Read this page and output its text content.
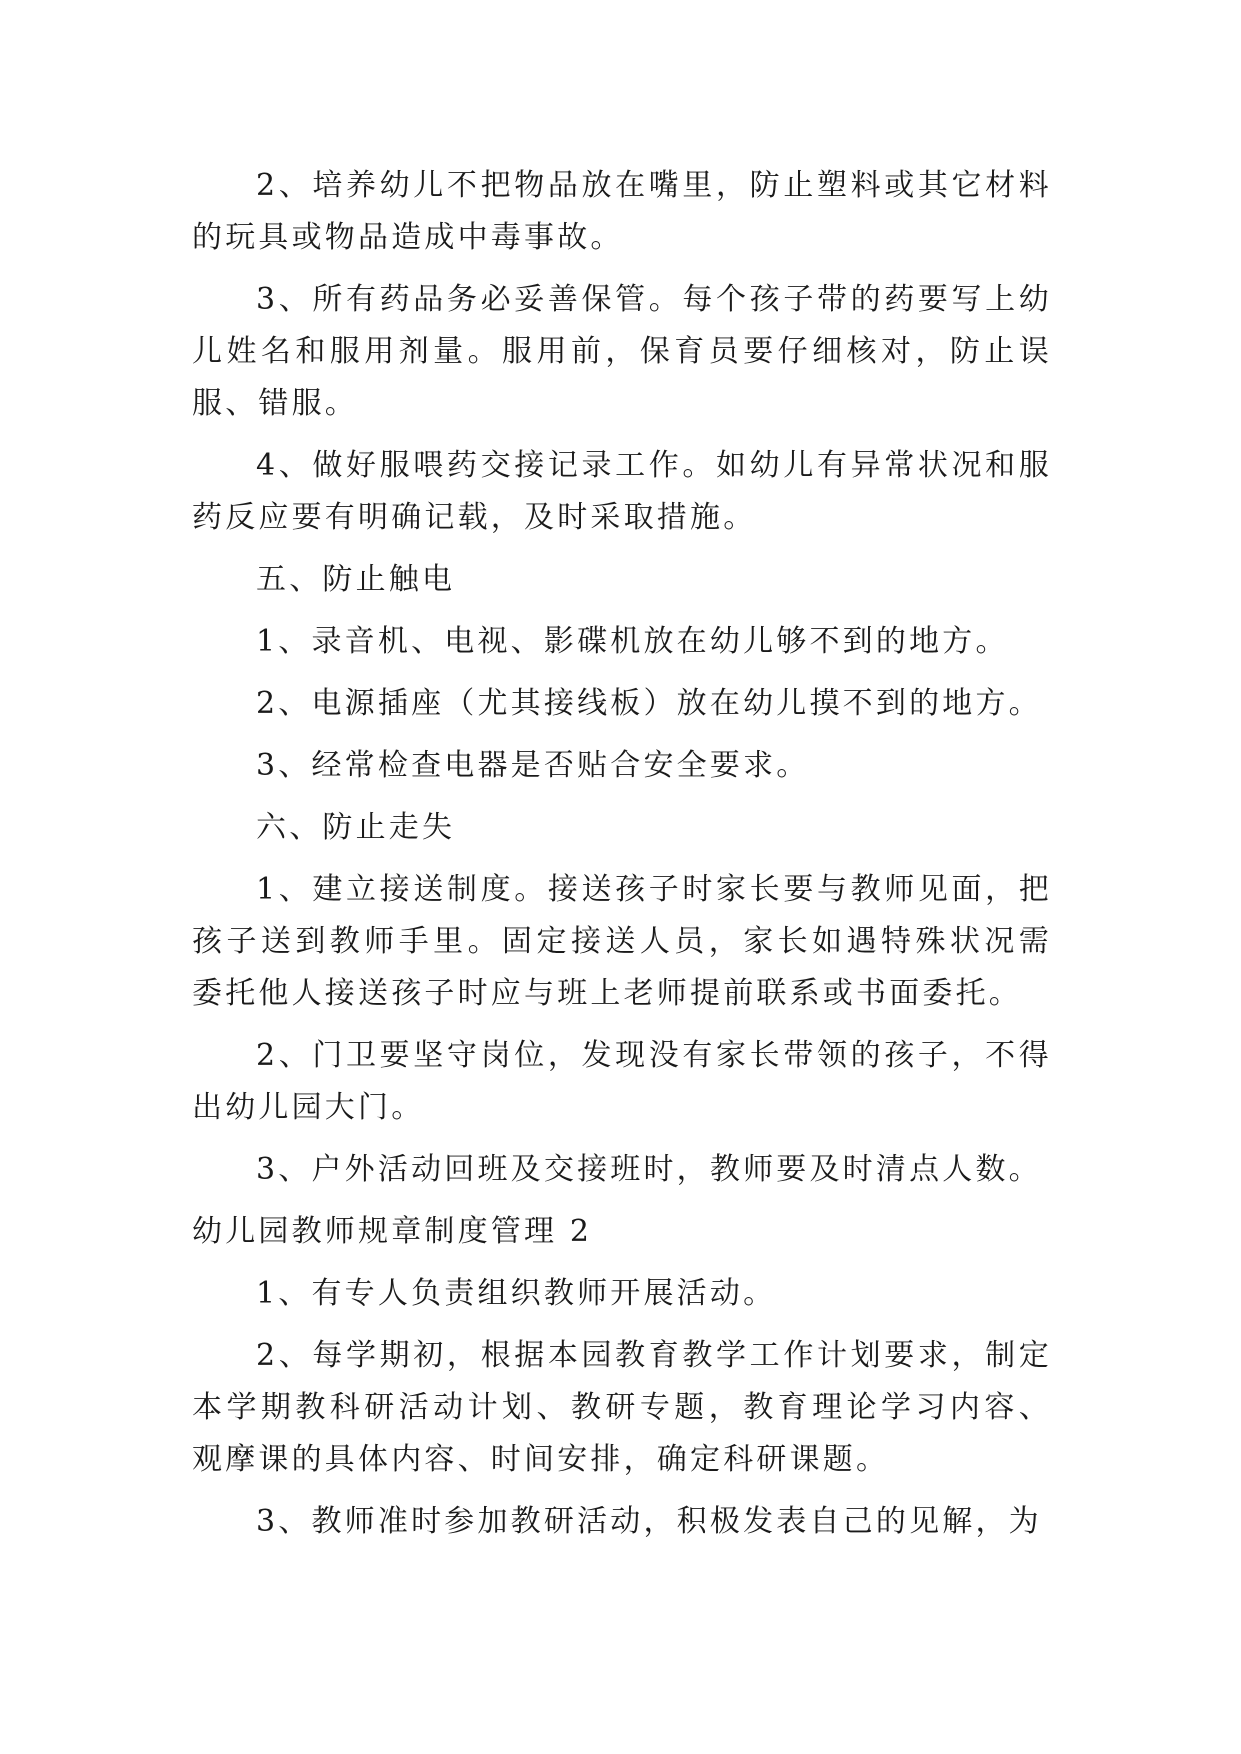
2、培养幼儿不把物品放在嘴里，防止塑料或其它材料的玩具或物品造成中毒事故。

3、所有药品务必妥善保管。每个孩子带的药要写上幼儿姓名和服用剂量。服用前，保育员要仔细核对，防止误服、错服。

4、做好服喂药交接记录工作。如幼儿有异常状况和服药反应要有明确记载，及时采取措施。

五、防止触电

1、录音机、电视、影碟机放在幼儿够不到的地方。

2、电源插座（尤其接线板）放在幼儿摸不到的地方。

3、经常检查电器是否贴合安全要求。

六、防止走失

1、建立接送制度。接送孩子时家长要与教师见面，把孩子送到教师手里。固定接送人员，家长如遇特殊状况需委托他人接送孩子时应与班上老师提前联系或书面委托。

2、门卫要坚守岗位，发现没有家长带领的孩子，不得出幼儿园大门。

3、户外活动回班及交接班时，教师要及时清点人数。

幼儿园教师规章制度管理 2

1、有专人负责组织教师开展活动。

2、每学期初，根据本园教育教学工作计划要求，制定本学期教科研活动计划、教研专题，教育理论学习内容、观摩课的具体内容、时间安排，确定科研课题。

3、教师准时参加教研活动，积极发表自己的见解，为
